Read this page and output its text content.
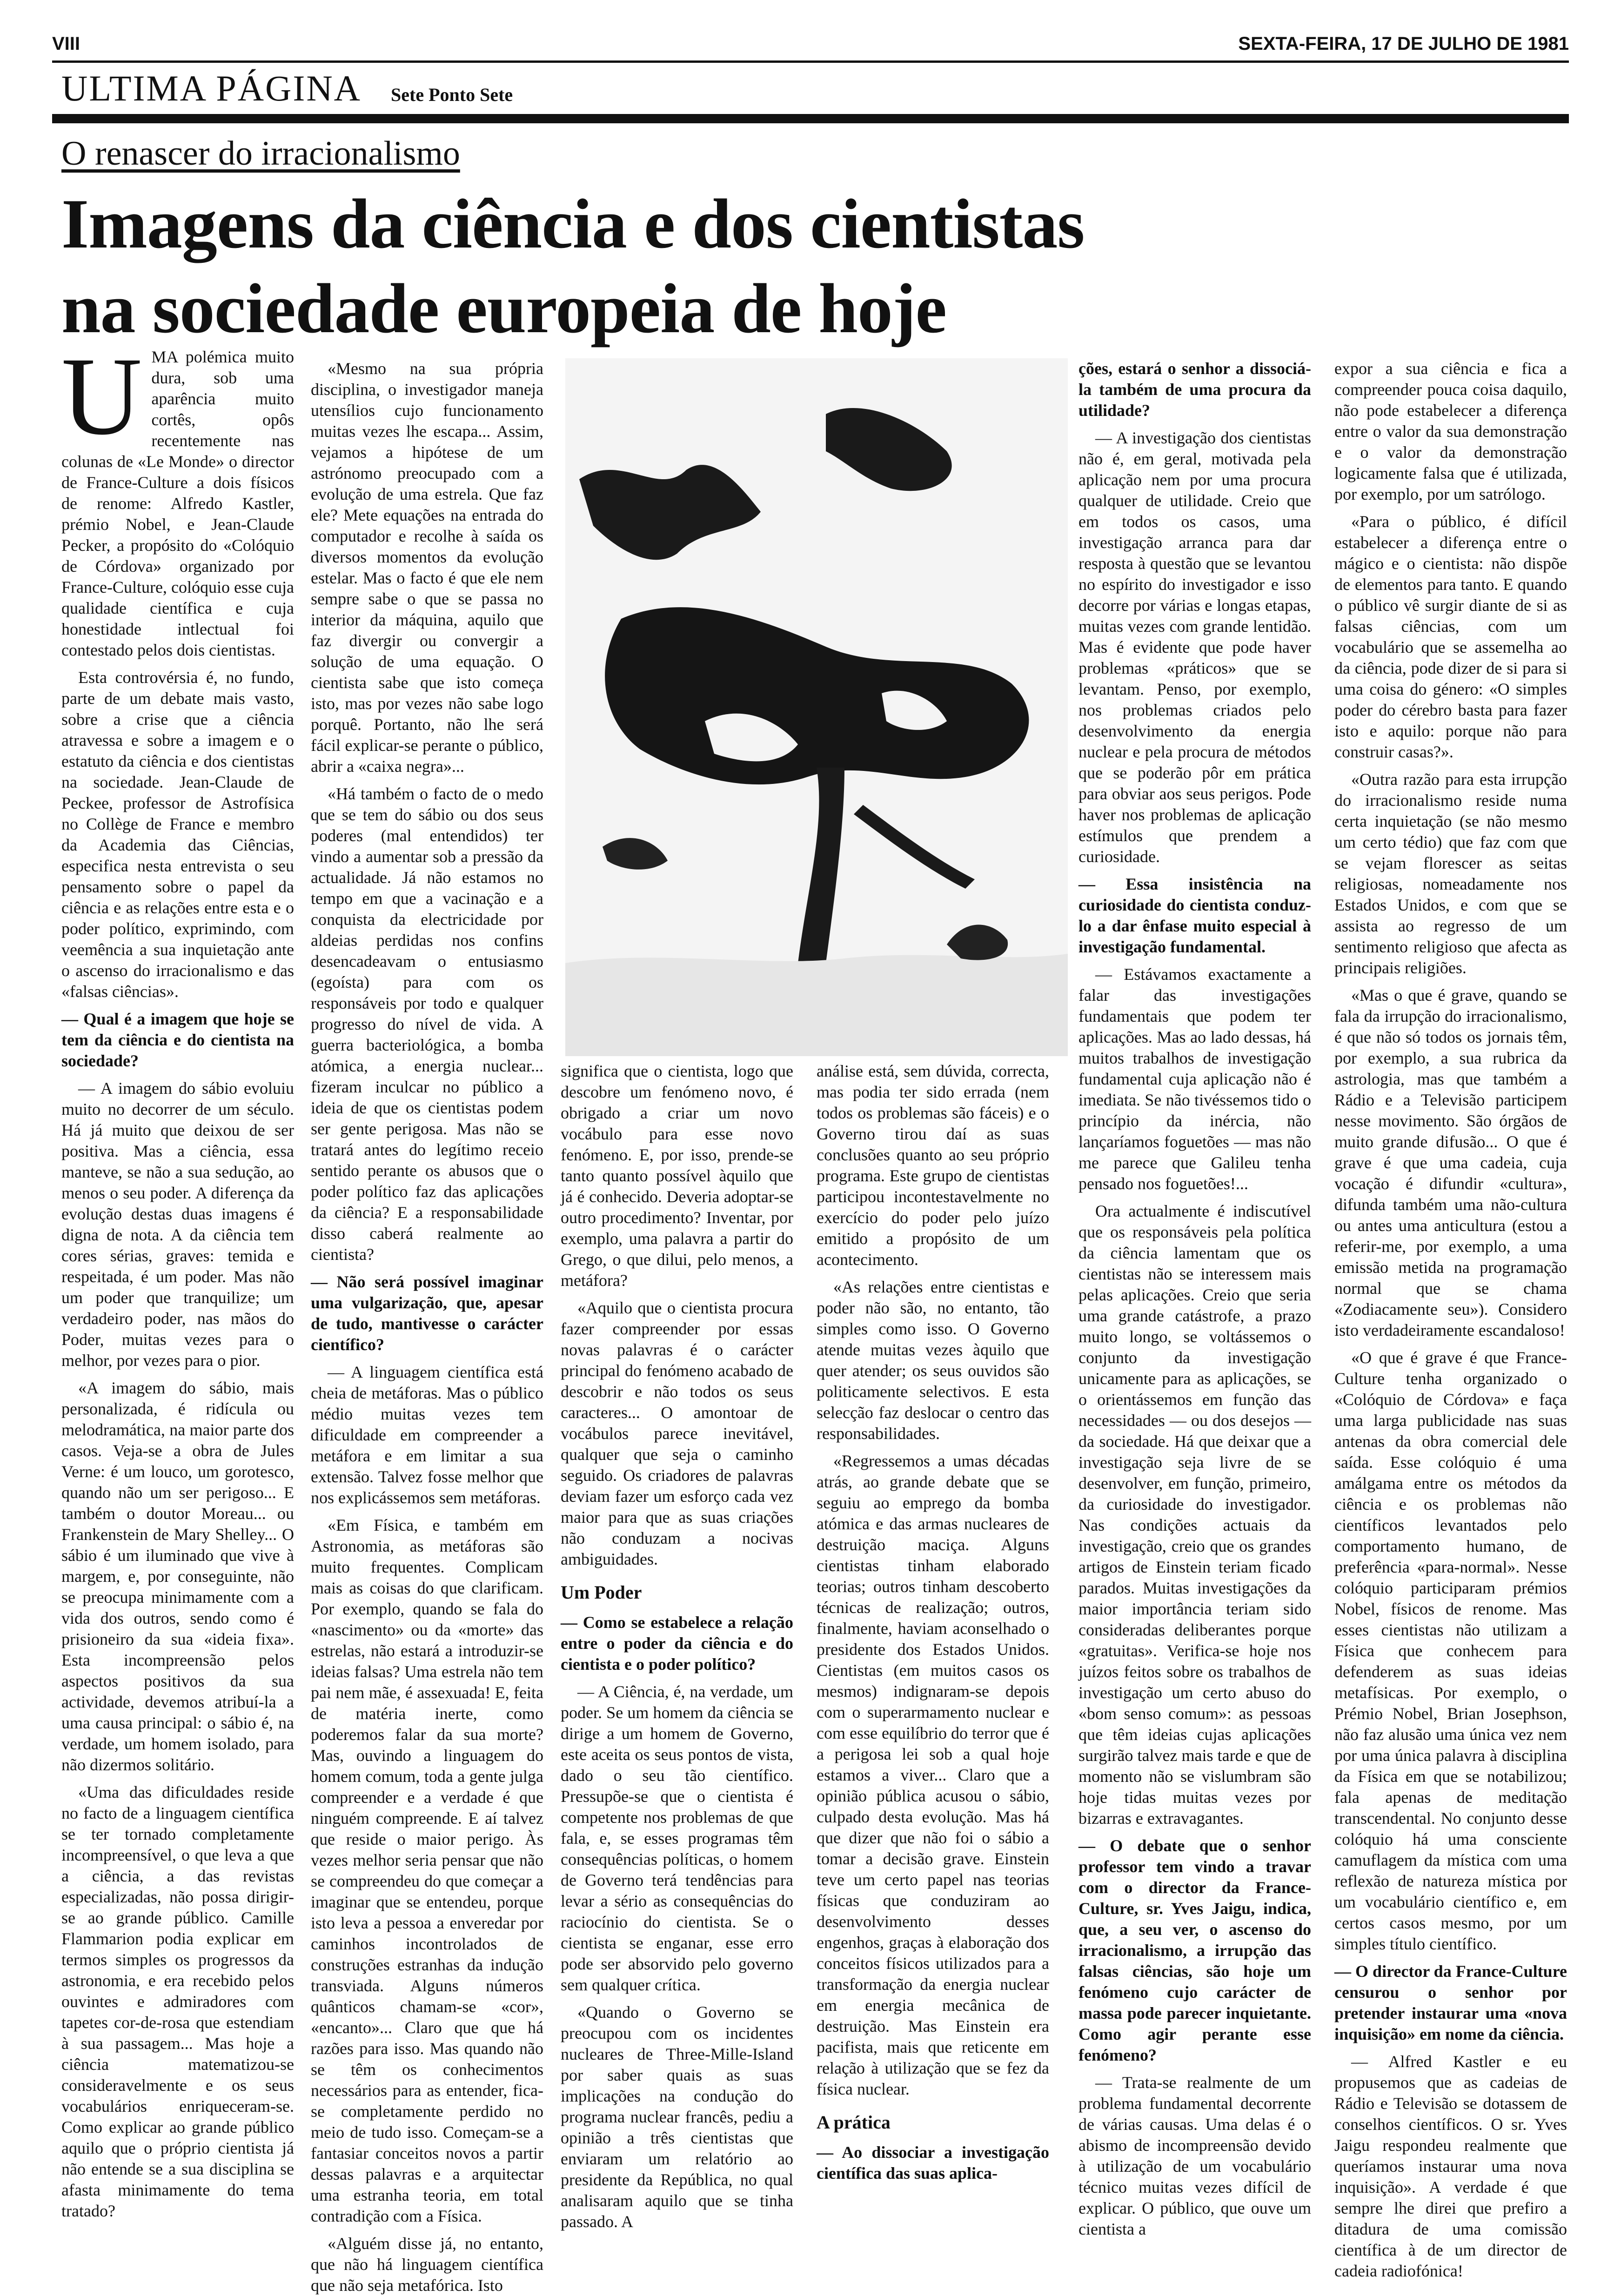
VIII	SEXTA-FEIRA, 17 DE JULHO DE 1981
ULTIMA PÁGINA Sete Ponto Sete
O renascer do irracionalismo
Imagens da ciência e dos cientistas
na sociedade europeia de hoje

UMA polémica muito dura, sob uma aparência muito cortês, opôs recentemente nas colunas de «Le Monde» o director de France-Culture a dois físicos de renome: Alfredo Kastler, prémio Nobel, e Jean-Claude Pecker, a propósito do «Colóquio de Córdova» organizado por France-Culture, colóquio esse cuja qualidade científica e cuja honestidade intlectual foi contestado pelos dois cientistas.

Esta controvérsia é, no fundo, parte de um debate mais vasto, sobre a crise que a ciência atravessa e sobre a imagem e o estatuto da ciência e dos cientistas na sociedade. Jean-Claude de Peckee, professor de Astrofísica no Collège de France e membro da Academia das Ciências, especifica nesta entrevista o seu pensamento sobre o papel da ciência e as relações entre esta e o poder político, exprimindo, com veemência a sua inquietação ante o ascenso do irracionalismo e das «falsas ciências».

— Qual é a imagem que hoje se tem da ciência e do cientista na sociedade?

— A imagem do sábio evoluiu muito no decorrer de um século. Há já muito que deixou de ser positiva. Mas a ciência, essa manteve, se não a sua sedução, ao menos o seu poder. A diferença da evolução destas duas imagens é digna de nota. A da ciência tem cores sérias, graves: temida e respeitada, é um poder. Mas não um poder que tranquilize; um verdadeiro poder, nas mãos do Poder, muitas vezes para o melhor, por vezes para o pior.

«A imagem do sábio, mais personalizada, é ridícula ou melodramática, na maior parte dos casos. Veja-se a obra de Jules Verne: é um louco, um gorotesco, quando não um ser perigoso... E também o doutor Moreau... ou Frankenstein de Mary Shelley... O sábio é um iluminado que vive à margem, e, por conseguinte, não se preocupa minimamente com a vida dos outros, sendo como é prisioneiro da sua «ideia fixa». Esta incompreensão pelos aspectos positivos da sua actividade, devemos atribuí-la a uma causa principal: o sábio é, na verdade, um homem isolado, para não dizermos solitário.

«Uma das dificuldades reside no facto de a linguagem científica se ter tornado completamente incompreensível, o que leva a que a ciência, a das revistas especializadas, não possa dirigir-se ao grande público. Camille Flammarion podia explicar em termos simples os progressos da astronomia, e era recebido pelos ouvintes e admiradores com tapetes cor-de-rosa que estendiam à sua passagem... Mas hoje a ciência matematizou-se consideravelmente e os seus vocabulários enriqueceram-se. Como explicar ao grande público aquilo que o próprio cientista já não entende se a sua disciplina se afasta minimamente do tema tratado?

«Mesmo na sua própria disciplina, o investigador maneja utensílios cujo funcionamento muitas vezes lhe escapa... Assim, vejamos a hipótese de um astrónomo preocupado com a evolução de uma estrela. Que faz ele? Mete equações na entrada do computador e recolhe à saída os diversos momentos da evolução estelar. Mas o facto é que ele nem sempre sabe o que se passa no interior da máquina, aquilo que faz divergir ou convergir a solução de uma equação. O cientista sabe que isto começa isto, mas por vezes não sabe logo porquê. Portanto, não lhe será fácil explicar-se perante o público, abrir a «caixa negra»...

«Há também o facto de o medo que se tem do sábio ou dos seus poderes (mal entendidos) ter vindo a aumentar sob a pressão da actualidade. Já não estamos no tempo em que a vacinação e a conquista da electricidade por aldeias perdidas nos confins desencadeavam o entusiasmo (egoísta) para com os responsáveis por todo e qualquer progresso do nível de vida. A guerra bacteriológica, a bomba atómica, a energia nuclear... fizeram inculcar no público a ideia de que os cientistas podem ser gente perigosa. Mas não se tratará antes do legítimo receio sentido perante os abusos que o poder político faz das aplicações da ciência? E a responsabilidade disso caberá realmente ao cientista?

— Não será possível imaginar uma vulgarização, que, apesar de tudo, mantivesse o carácter científico?

— A linguagem científica está cheia de metáforas. Mas o público médio muitas vezes tem dificuldade em compreender a metáfora e em limitar a sua extensão. Talvez fosse melhor que nos explicássemos sem metáforas.

«Em Física, e também em Astronomia, as metáforas são muito frequentes. Complicam mais as coisas do que clarificam. Por exemplo, quando se fala do «nascimento» ou da «morte» das estrelas, não estará a introduzir-se ideias falsas? Uma estrela não tem pai nem mãe, é assexuada! E, feita de matéria inerte, como poderemos falar da sua morte? Mas, ouvindo a linguagem do homem comum, toda a gente julga compreender e a verdade é que ninguém compreende. E aí talvez que reside o maior perigo. Às vezes melhor seria pensar que não se compreendeu do que começar a imaginar que se entendeu, porque isto leva a pessoa a enveredar por caminhos incontrolados de construções estranhas da indução transviada. Alguns números quânticos chamam-se «cor», «encanto»... Claro que que há razões para isso. Mas quando não se têm os conhecimentos necessários para as entender, fica-se completamente perdido no meio de tudo isso. Começam-se a fantasiar conceitos novos a partir dessas palavras e a arquitectar uma estranha teoria, em total contradição com a Física.

«Alguém disse já, no entanto, que não há linguagem científica que não seja metafórica. Isto

significa que o cientista, logo que descobre um fenómeno novo, é obrigado a criar um novo vocábulo para esse novo fenómeno. E, por isso, prende-se tanto quanto possível àquilo que já é conhecido. Deveria adoptar-se outro procedimento? Inventar, por exemplo, uma palavra a partir do Grego, o que dilui, pelo menos, a metáfora?

«Aquilo que o cientista procura fazer compreender por essas novas palavras é o carácter principal do fenómeno acabado de descobrir e não todos os seus caracteres... O amontoar de vocábulos parece inevitável, qualquer que seja o caminho seguido. Os criadores de palavras deviam fazer um esforço cada vez maior para que as suas criações não conduzam a nocivas ambiguidades.

Um Poder

— Como se estabelece a relação entre o poder da ciência e do cientista e o poder político?

— A Ciência, é, na verdade, um poder. Se um homem da ciência se dirige a um homem de Governo, este aceita os seus pontos de vista, dado o seu tão científico. Pressupõe-se que o cientista é competente nos problemas de que fala, e, se esses programas têm consequências políticas, o homem de Governo terá tendências para levar a sério as consequências do raciocínio do cientista. Se o cientista se enganar, esse erro pode ser absorvido pelo governo sem qualquer crítica.

«Quando o Governo se preocupou com os incidentes nucleares de Three-Mille-Island por saber quais as suas implicações na condução do programa nuclear francês, pediu a opinião a três cientistas que enviaram um relatório ao presidente da República, no qual analisaram aquilo que se tinha passado. A

análise está, sem dúvida, correcta, mas podia ter sido errada (nem todos os problemas são fáceis) e o Governo tirou daí as suas conclusões quanto ao seu próprio programa. Este grupo de cientistas participou incontestavelmente no exercício do poder pelo juízo emitido a propósito de um acontecimento.

«As relações entre cientistas e poder não são, no entanto, tão simples como isso. O Governo atende muitas vezes àquilo que quer atender; os seus ouvidos são politicamente selectivos. E esta selecção faz deslocar o centro das responsabilidades.

«Regressemos a umas décadas atrás, ao grande debate que se seguiu ao emprego da bomba atómica e das armas nucleares de destruição maciça. Alguns cientistas tinham elaborado teorias; outros tinham descoberto técnicas de realização; outros, finalmente, haviam aconselhado o presidente dos Estados Unidos. Cientistas (em muitos casos os mesmos) indignaram-se depois com o superarmamento nuclear e com esse equilíbrio do terror que é a perigosa lei sob a qual hoje estamos a viver... Claro que a opinião pública acusou o sábio, culpado desta evolução. Mas há que dizer que não foi o sábio a tomar a decisão grave. Einstein teve um certo papel nas teorias físicas que conduziram ao desenvolvimento desses engenhos, graças à elaboração dos conceitos físicos utilizados para a transformação da energia nuclear em energia mecânica de destruição. Mas Einstein era pacifista, mais que reticente em relação à utilização que se fez da física nuclear.

A prática

— Ao dissociar a investigação científica das suas aplica-

ções, estará o senhor a dissociá-la também de uma procura da utilidade?

— A investigação dos cientistas não é, em geral, motivada pela aplicação nem por uma procura qualquer de utilidade. Creio que em todos os casos, uma investigação arranca para dar resposta à questão que se levantou no espírito do investigador e isso decorre por várias e longas etapas, muitas vezes com grande lentidão. Mas é evidente que pode haver problemas «práticos» que se levantam. Penso, por exemplo, nos problemas criados pelo desenvolvimento da energia nuclear e pela procura de métodos que se poderão pôr em prática para obviar aos seus perigos. Pode haver nos problemas de aplicação estímulos que prendem a curiosidade.

— Essa insistência na curiosidade do cientista conduz-lo a dar ênfase muito especial à investigação fundamental.

— Estávamos exactamente a falar das investigações fundamentais que podem ter aplicações. Mas ao lado dessas, há muitos trabalhos de investigação fundamental cuja aplicação não é imediata. Se não tivéssemos tido o princípio da inércia, não lançaríamos foguetões — mas não me parece que Galileu tenha pensado nos foguetões!...

Ora actualmente é indiscutível que os responsáveis pela política da ciência lamentam que os cientistas não se interessem mais pelas aplicações. Creio que seria uma grande catástrofe, a prazo muito longo, se voltássemos o conjunto da investigação unicamente para as aplicações, se o orientássemos em função das necessidades — ou dos desejos — da sociedade. Há que deixar que a investigação seja livre de se desenvolver, em função, primeiro, da curiosidade do investigador. Nas condições actuais da investigação, creio que os grandes artigos de Einstein teriam ficado parados. Muitas investigações da maior importância teriam sido consideradas deliberantes porque «gratuitas». Verifica-se hoje nos juízos feitos sobre os trabalhos de investigação um certo abuso do «bom senso comum»: as pessoas que têm ideias cujas aplicações surgirão talvez mais tarde e que de momento não se vislumbram são hoje tidas muitas vezes por bizarras e extravagantes.

— O debate que o senhor professor tem vindo a travar com o director da France-Culture, sr. Yves Jaigu, indica, que, a seu ver, o ascenso do irracionalismo, a irrupção das falsas ciências, são hoje um fenómeno cujo carácter de massa pode parecer inquietante. Como agir perante esse fenómeno?

— Trata-se realmente de um problema fundamental decorrente de várias causas. Uma delas é o abismo de incompreensão devido à utilização de um vocabulário técnico muitas vezes difícil de explicar. O público, que ouve um cientista a

expor a sua ciência e fica a compreender pouca coisa daquilo, não pode estabelecer a diferença entre o valor da sua demonstração e o valor da demonstração logicamente falsa que é utilizada, por exemplo, por um satrólogo.

«Para o público, é difícil estabelecer a diferença entre o mágico e o cientista: não dispõe de elementos para tanto. E quando o público vê surgir diante de si as falsas ciências, com um vocabulário que se assemelha ao da ciência, pode dizer de si para si uma coisa do género: «O simples poder do cérebro basta para fazer isto e aquilo: porque não para construir casas?».

«Outra razão para esta irrupção do irracionalismo reside numa certa inquietação (se não mesmo um certo tédio) que faz com que se vejam florescer as seitas religiosas, nomeadamente nos Estados Unidos, e com que se assista ao regresso de um sentimento religioso que afecta as principais religiões.

«Mas o que é grave, quando se fala da irrupção do irracionalismo, é que não só todos os jornais têm, por exemplo, a sua rubrica da astrologia, mas que também a Rádio e a Televisão participem nesse movimento. São órgãos de muito grande difusão... O que é grave é que uma cadeia, cuja vocação é difundir «cultura», difunda também uma não-cultura ou antes uma anticultura (estou a referir-me, por exemplo, a uma emissão metida na programação normal que se chama «Zodiacamente seu»). Considero isto verdadeiramente escandaloso!

«O que é grave é que France-Culture tenha organizado o «Colóquio de Córdova» e faça uma larga publicidade nas suas antenas da obra comercial dele saída. Esse colóquio é uma amálgama entre os métodos da ciência e os problemas não científicos levantados pelo comportamento humano, de preferência «para-normal». Nesse colóquio participaram prémios Nobel, físicos de renome. Mas esses cientistas não utilizam a Física que conhecem para defenderem as suas ideias metafísicas. Por exemplo, o Prémio Nobel, Brian Josephson, não faz alusão uma única vez nem por uma única palavra à disciplina da Física em que se notabilizou; fala apenas de meditação transcendental. No conjunto desse colóquio há uma consciente camuflagem da mística com uma reflexão de natureza mística por um vocabulário científico e, em certos casos mesmo, por um simples título científico.

— O director da France-Culture censurou o senhor por pretender instaurar uma «nova inquisição» em nome da ciência.

— Alfred Kastler e eu propusemos que as cadeias de Rádio e Televisão se dotassem de conselhos científicos. O sr. Yves Jaigu respondeu realmente que queríamos instaurar uma nova inquisição». A verdade é que sempre lhe direi que prefiro a ditadura de uma comissão científica à de um director de cadeia radiofónica!
